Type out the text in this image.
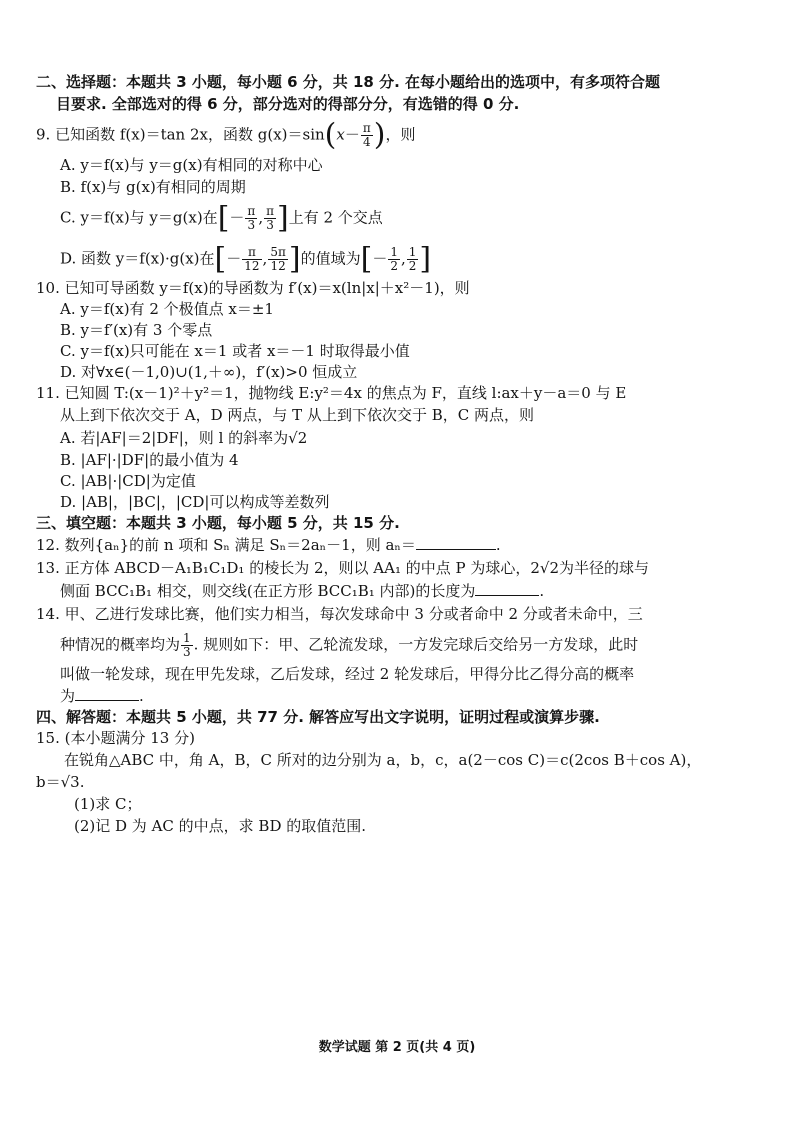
二、选择题：本题共 3 小题，每小题 6 分，共 18 分. 在每小题给出的选项中，有多项符合题
目要求. 全部选对的得 6 分，部分选对的得部分分，有选错的得 0 分.
9. 已知函数 f(x)＝tan 2x，函数 $g(x)=\sin(x- \frac{\pi}{4}$ )，则
A. y＝f(x)与 y＝g(x)有相同的对称中心
B. f(x)与 g(x)有相同的周期
C. y＝f(x)与 y＝g(x)在[－ $\frac{\pi}{3}$ , $\frac{\pi}{3}$ ]上有 2 个交点
D. 函数 y＝f(x)·g(x)在[－ $\frac{\pi}{12}$ , $\frac{5\pi}{12}$ ]的值域为[－ $\frac{1}{2}$ , $\frac{1}{2}$ ]
10. 已知可导函数 y＝f(x)的导函数为 f′(x)＝x(ln|x|＋x²－1)，则
A. y＝f(x)有 2 个极值点 x＝±1
B. y＝f′(x)有 3 个零点
C. y＝f(x)只可能在 x＝1 或者 x＝－1 时取得最小值
D. 对∀x∈(－1,0)∪(1,＋∞)，f′(x)>0 恒成立
11. 已知圆 T:(x－1)²＋y²＝1，抛物线 E:y²＝4x 的焦点为 F，直线 l:ax＋y－a＝0 与 E
从上到下依次交于 A，D 两点，与 T 从上到下依次交于 B，C 两点，则
A. 若|AF|＝2|DF|，则 l 的斜率为√2
B. |AF|·|DF|的最小值为 4
C. |AB|·|CD|为定值
D. |AB|，|BC|，|CD|可以构成等差数列
三、填空题：本题共 3 小题，每小题 5 分，共 15 分.
12. 数列{aₙ}的前 n 项和 Sₙ 满足 Sₙ＝2aₙ－1，则 aₙ＝	.
13. 正方体 ABCD－A₁B₁C₁D₁ 的棱长为 2，则以 AA₁ 的中点 P 为球心，2√2为半径的球与
侧面 BCC₁B₁ 相交，则交线(在正方形 BCC₁B₁ 内部)的长度为	.
14. 甲、乙进行发球比赛，他们实力相当，每次发球命中 3 分或者命中 2 分或者未命中，三
种情况的概率均为 $\frac{1}{3}$ . 规则如下：甲、乙轮流发球，一方发完球后交给另一方发球，此时
叫做一轮发球，现在甲先发球，乙后发球，经过 2 轮发球后，甲得分比乙得分高的概率
为	.
四、解答题：本题共 5 小题，共 77 分. 解答应写出文字说明，证明过程或演算步骤.
15. (本小题满分 13 分)
在锐角△ABC 中，角 A，B，C 所对的边分别为 a，b，c，a(2－cos C)＝c(2cos B＋cos A)，
b＝√3.
(1)求 C；
(2)记 D 为 AC 的中点，求 BD 的取值范围.
数学试题 第 2 页(共 4 页)
